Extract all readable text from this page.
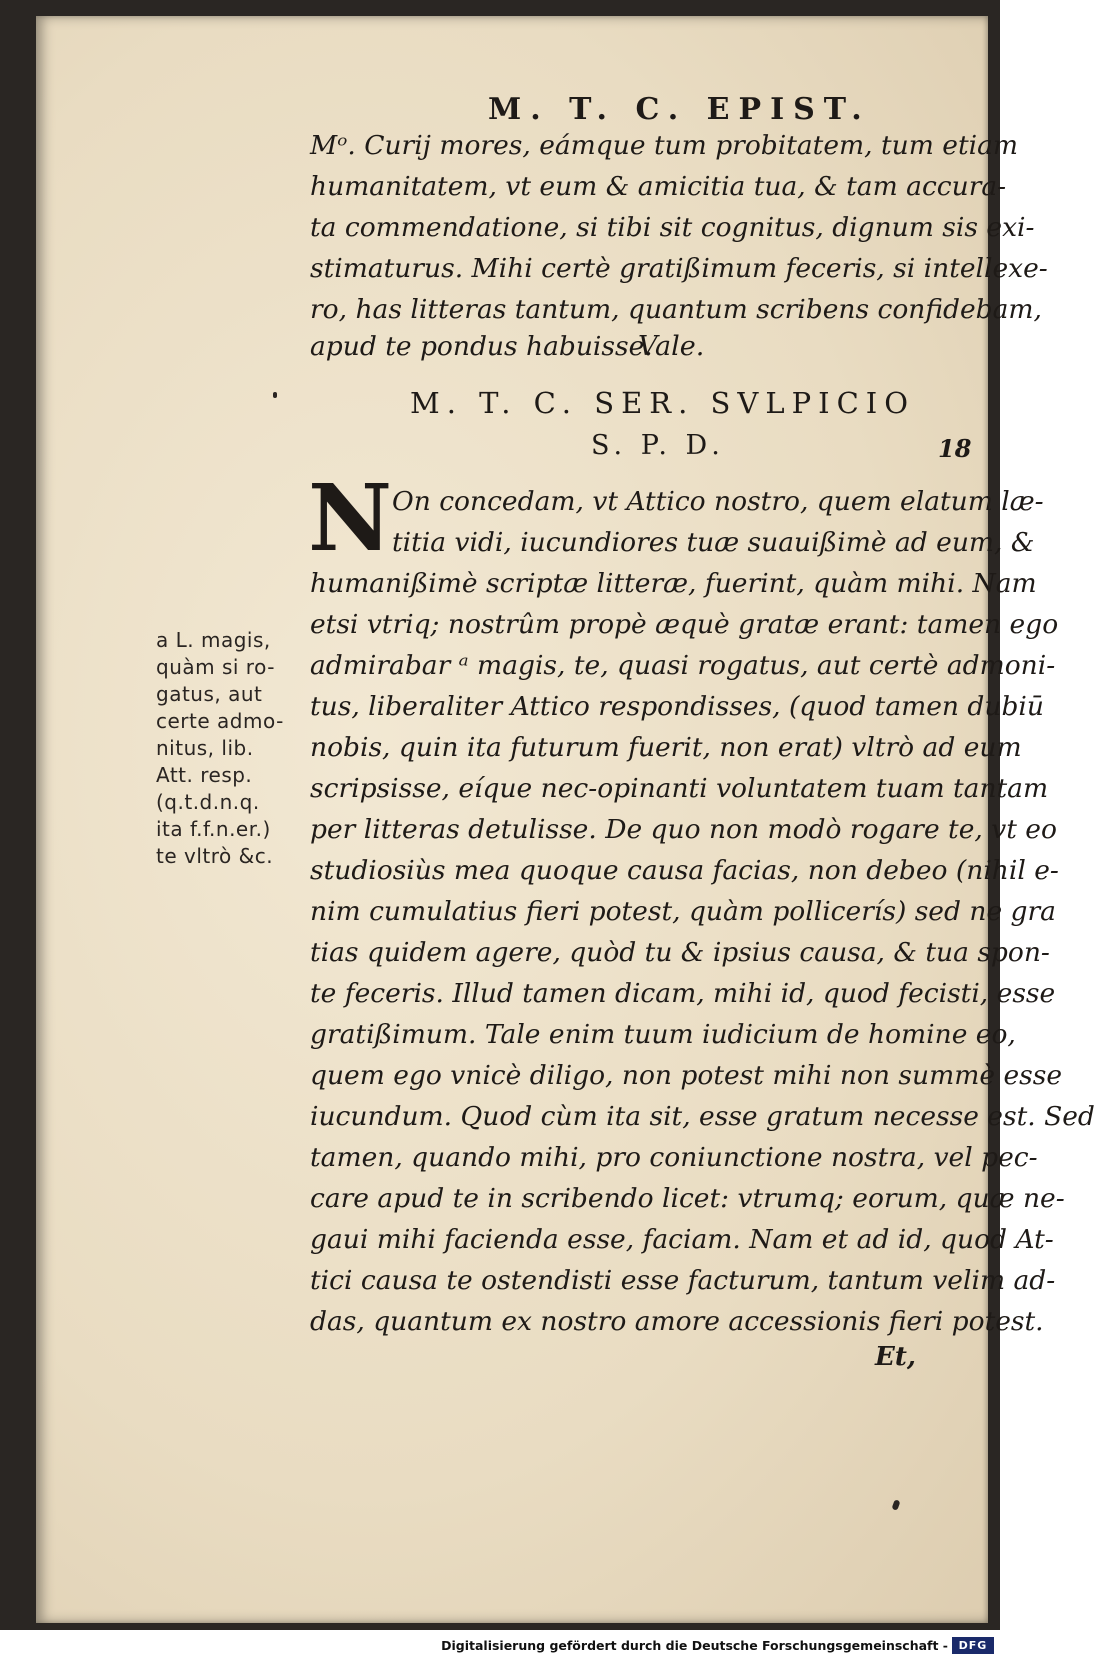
M. T. C. EPIST.
Mᵒ. Curij mores, eámque tum probitatem, tum etiam
humanitatem, vt eum & amicitia tua, & tam accura-
ta commendatione, si tibi sit cognitus, dignum sis exi-
stimaturus. Mihi certè gratißimum feceris, si intellexe-
ro, has litteras tantum, quantum scribens confidebam,
apud te pondus habuisse.
Vale.
M. T. C. SER. SVLPICIO
S. P. D.	18
N On concedam, vt Attico nostro, quem elatum læ-
titia vidi, iucundiores tuæ suauißimè ad eum, &
humanißimè scriptæ litteræ, fuerint, quàm mihi. Nam
etsi vtriq; nostrûm propè æquè gratæ erant: tamen ego
admirabar ᵃ magis, te, quasi rogatus, aut certè admoni-
tus, liberaliter Attico respondisses, (quod tamen dubiū
nobis, quin ita futurum fuerit, non erat) vltrò ad eum
scripsisse, eíque nec-opinanti voluntatem tuam tantam
per litteras detulisse. De quo non modò rogare te, vt eo
studiosiùs mea quoque causa facias, non debeo (nihil e-
nim cumulatius fieri potest, quàm pollicerís) sed ne gra
tias quidem agere, quòd tu & ipsius causa, & tua spon-
te feceris. Illud tamen dicam, mihi id, quod fecisti, esse
gratißimum. Tale enim tuum iudicium de homine eo,
quem ego vnicè diligo, non potest mihi non summè esse
iucundum. Quod cùm ita sit, esse gratum necesse est. Sed
tamen, quando mihi, pro coniunctione nostra, vel pec-
care apud te in scribendo licet: vtrumq; eorum, quæ ne-
gaui mihi facienda esse, faciam. Nam et ad id, quod At-
tici causa te ostendisti esse facturum, tantum velim ad-
das, quantum ex nostro amore accessionis fieri potest.
Et,
a L. magis,
quàm si ro-
gatus, aut
certe admo-
nitus, lib.
Att. resp.
(q.t.d.n.q.
ita f.f.n.er.)
te vltrò &c.
Digitalisierung gefördert durch die Deutsche Forschungsgemeinschaft - DFG
